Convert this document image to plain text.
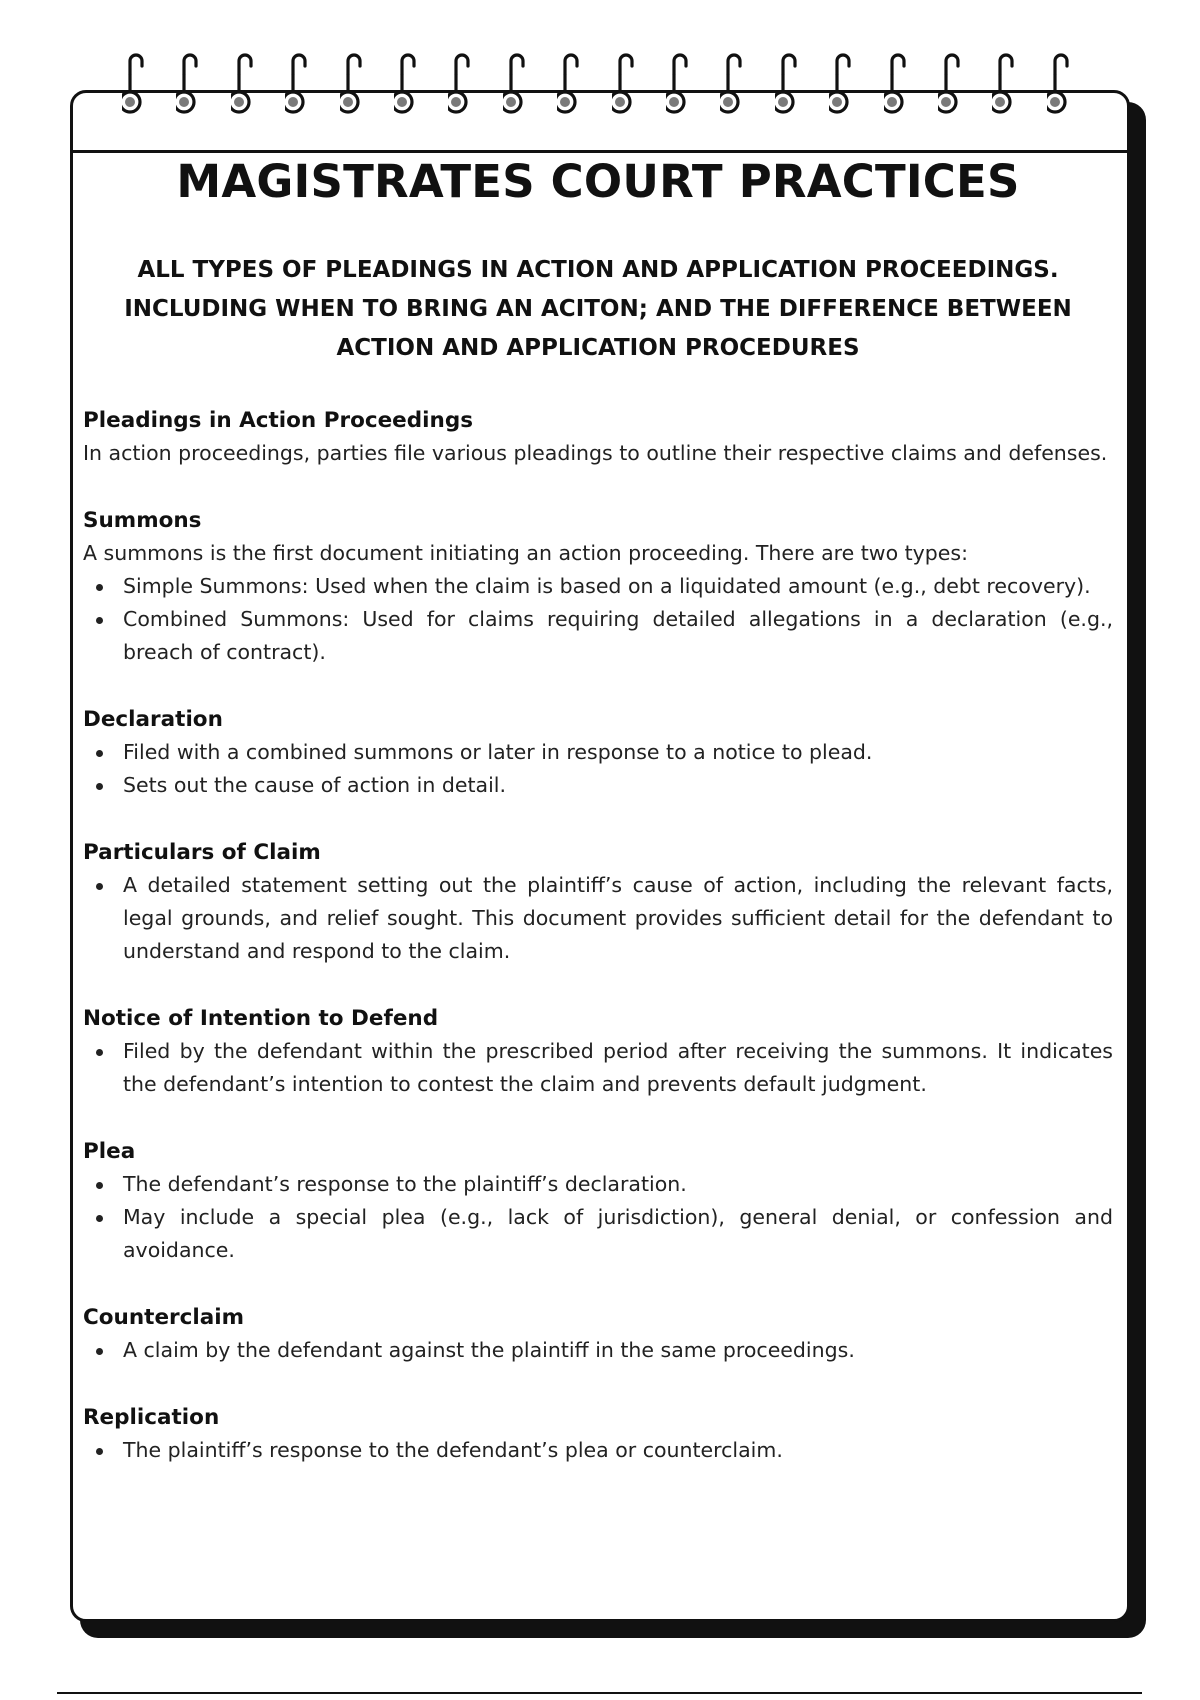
MAGISTRATES COURT PRACTICES

ALL TYPES OF PLEADINGS IN ACTION AND APPLICATION PROCEEDINGS. INCLUDING WHEN TO BRING AN ACITON; AND THE DIFFERENCE BETWEEN ACTION AND APPLICATION PROCEDURES

Pleadings in Action Proceedings

In action proceedings, parties file various pleadings to outline their respective claims and defenses.

Summons

A summons is the first document initiating an action proceeding. There are two types:

Simple Summons: Used when the claim is based on a liquidated amount (e.g., debt recovery).
Combined Summons: Used for claims requiring detailed allegations in a declaration (e.g., breach of contract).
Declaration
Filed with a combined summons or later in response to a notice to plead.
Sets out the cause of action in detail.
Particulars of Claim
A detailed statement setting out the plaintiff’s cause of action, including the relevant facts, legal grounds, and relief sought. This document provides sufficient detail for the defendant to understand and respond to the claim.
Notice of Intention to Defend
Filed by the defendant within the prescribed period after receiving the summons. It indicates the defendant’s intention to contest the claim and prevents default judgment.
Plea
The defendant’s response to the plaintiff’s declaration.
May include a special plea (e.g., lack of jurisdiction), general denial, or confession and avoidance.
Counterclaim
A claim by the defendant against the plaintiff in the same proceedings.
Replication
The plaintiff’s response to the defendant’s plea or counterclaim.
